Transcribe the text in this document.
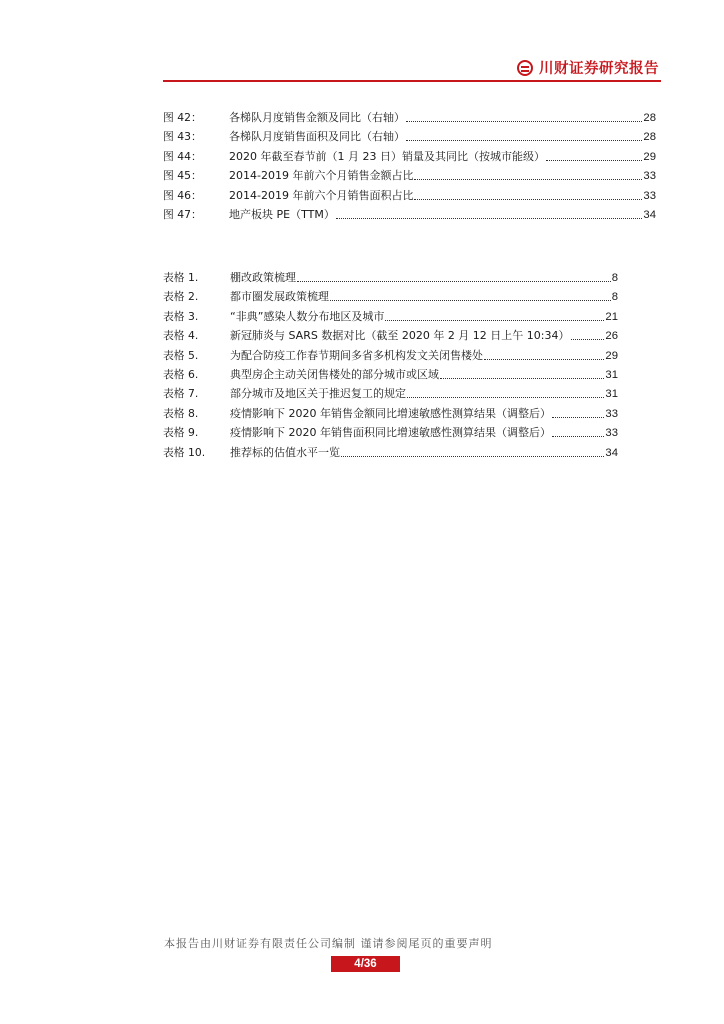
川财证券研究报告
图 42：	各梯队月度销售金额及同比（右轴）	28
图 43：	各梯队月度销售面积及同比（右轴）	28
图 44：	2020 年截至春节前（1 月 23 日）销量及其同比（按城市能级）	29
图 45：	2014-2019 年前六个月销售金额占比	33
图 46：	2014-2019 年前六个月销售面积占比	33
图 47：	地产板块 PE（TTM）	34
表格 1.	棚改政策梳理	8
表格 2.	都市圈发展政策梳理	8
表格 3.	“非典”感染人数分布地区及城市	21
表格 4.	新冠肺炎与 SARS 数据对比（截至 2020 年 2 月 12 日上午 10:34）	26
表格 5.	为配合防疫工作春节期间多省多机构发文关闭售楼处	29
表格 6.	典型房企主动关闭售楼处的部分城市或区域	31
表格 7.	部分城市及地区关于推迟复工的规定	31
表格 8.	疫情影响下 2020 年销售金额同比增速敏感性测算结果（调整后）	33
表格 9.	疫情影响下 2020 年销售面积同比增速敏感性测算结果（调整后）	33
表格 10.	推荐标的估值水平一览	34
本报告由川财证券有限责任公司编制 谨请参阅尾页的重要声明
4/36
